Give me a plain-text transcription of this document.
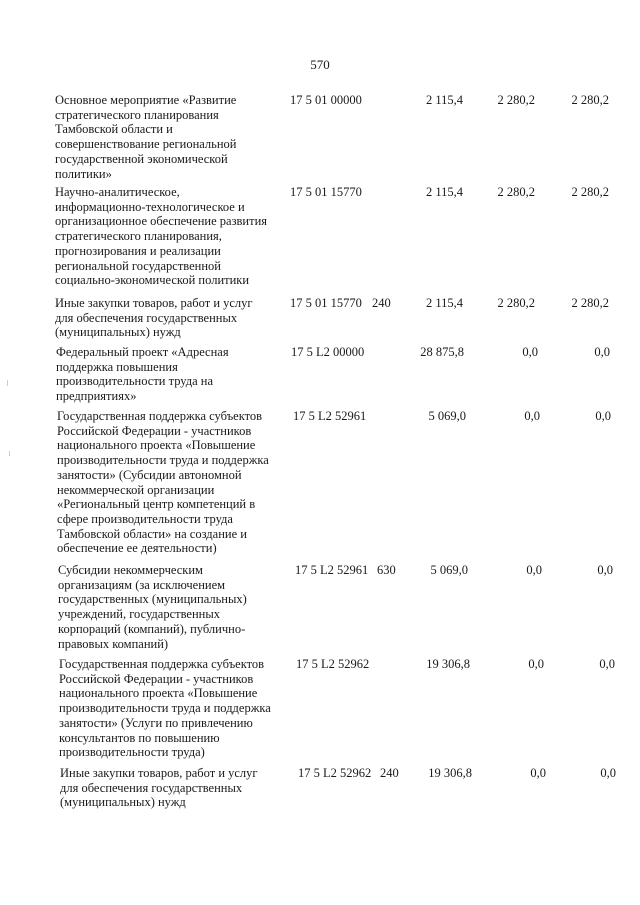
570
Основное мероприятие «Развитие
стратегического планирования
Тамбовской области и
совершенствование региональной
государственной экономической
политики»
17 5 01 00000	2 115,4	2 280,2	2 280,2
Научно-аналитическое,
информационно-технологическое и
организационное обеспечение развития
стратегического планирования,
прогнозирования и реализации
региональной государственной
социально-экономической политики
17 5 01 15770	2 115,4	2 280,2	2 280,2
Иные закупки товаров, работ и услуг
для обеспечения государственных
(муниципальных) нужд
17 5 01 15770 240	2 115,4	2 280,2	2 280,2
Федеральный проект «Адресная
поддержка повышения
производительности труда на
предприятиях»
17 5 L2 00000	28 875,8	0,0	0,0
Государственная поддержка субъектов
Российской Федерации - участников
национального проекта «Повышение
производительности труда и поддержка
занятости» (Субсидии автономной
некоммерческой организации
«Региональный центр компетенций в
сфере производительности труда
Тамбовской области» на создание и
обеспечение ее деятельности)
17 5 L2 52961	5 069,0	0,0	0,0
Субсидии некоммерческим
организациям (за исключением
государственных (муниципальных)
учреждений, государственных
корпораций (компаний), публично-
правовых компаний)
17 5 L2 52961 630	5 069,0	0,0	0,0
Государственная поддержка субъектов
Российской Федерации - участников
национального проекта «Повышение
производительности труда и поддержка
занятости» (Услуги по привлечению
консультантов по повышению
производительности труда)
17 5 L2 52962	19 306,8	0,0	0,0
Иные закупки товаров, работ и услуг
для обеспечения государственных
(муниципальных) нужд
17 5 L2 52962 240 19 306,8	0,0	0,0
